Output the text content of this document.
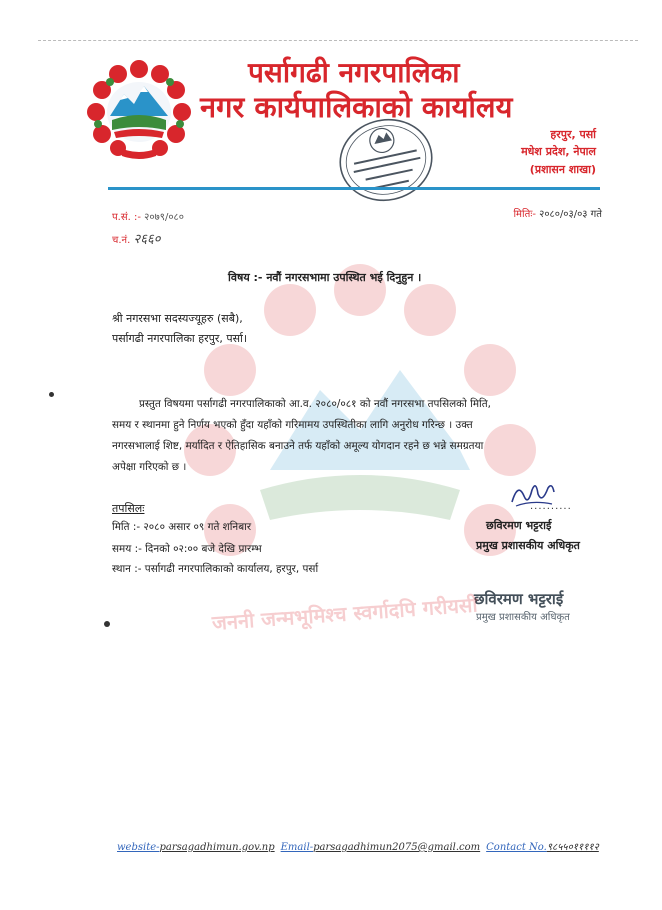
पर्सागढी नगरपालिका
नगर कार्यपालिकाको कार्यालय
हरपुर, पर्सा
मधेश प्रदेश, नेपाल
(प्रशासन शाखा)
प.सं. :- २०७९/०८०
च.नं. २६६०
मितिः- २०८०/०३/०३ गते
विषय :- नवौं नगरसभामा उपस्थित भई दिनुहुन ।
श्री नगरसभा सदस्यज्यूहरु (सबै),
पर्सागढी नगरपालिका हरपुर, पर्सा।
प्रस्तुत विषयमा पर्सागढी नगरपालिकाको आ.व. २०८०/०८१ को नवौं नगरसभा तपसिलको मिति,
समय र स्थानमा हुने निर्णय भएको हुँदा यहाँको गरिमामय उपस्थितीका लागि अनुरोध गरिन्छ । उक्त
नगरसभालाई शिष्ट, मर्यादित र ऐतिहासिक बनाउने तर्फ यहाँको अमूल्य योगदान रहने छ भन्ने समग्रतया
अपेक्षा गरिएको छ ।
तपसिलः
मिति :- २०८० असार ०९ गते शनिबार
समय :- दिनको ०२:०० बजे देखि प्रारम्भ
स्थान :- पर्सागढी नगरपालिकाको कार्यालय, हरपुर, पर्सा
..........
छविरमण भट्टराई
प्रमुख प्रशासकीय अधिकृत
छविरमण भट्टराई
प्रमुख प्रशासकीय अधिकृत
जननी जन्मभूमिश्च स्वर्गादपि गरीयसी
website-parsagadhimun.gov.np Email-parsagadhimun2075@gmail.com Contact No.९८५५०११११२
